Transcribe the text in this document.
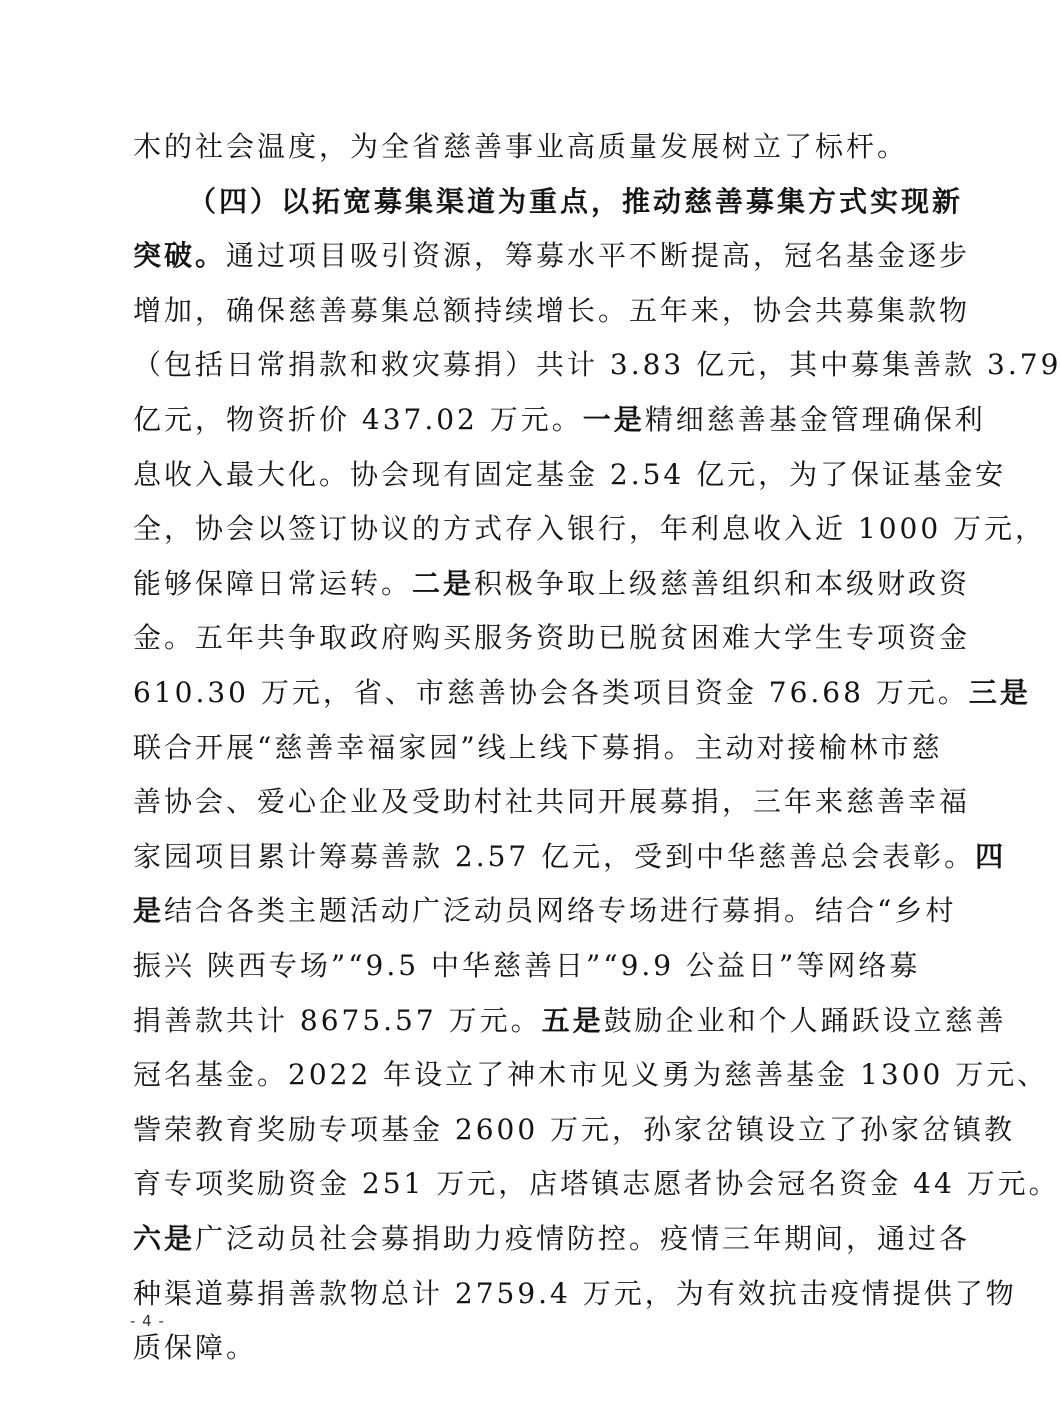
木的社会温度，为全省慈善事业高质量发展树立了标杆。
（四）以拓宽募集渠道为重点，推动慈善募集方式实现新
突破。通过项目吸引资源，筹募水平不断提高，冠名基金逐步
增加，确保慈善募集总额持续增长。五年来，协会共募集款物
（包括日常捐款和救灾募捐）共计 3.83 亿元，其中募集善款 3.79
亿元，物资折价 437.02 万元。一是精细慈善基金管理确保利
息收入最大化。协会现有固定基金 2.54 亿元，为了保证基金安
全，协会以签订协议的方式存入银行，年利息收入近 1000 万元，
能够保障日常运转。二是积极争取上级慈善组织和本级财政资
金。五年共争取政府购买服务资助已脱贫困难大学生专项资金
610.30 万元，省、市慈善协会各类项目资金 76.68 万元。三是
联合开展“慈善幸福家园”线上线下募捐。主动对接榆林市慈
善协会、爱心企业及受助村社共同开展募捐，三年来慈善幸福
家园项目累计筹募善款 2.57 亿元，受到中华慈善总会表彰。四
是结合各类主题活动广泛动员网络专场进行募捐。结合“乡村
振兴 陕西专场”“9.5 中华慈善日”“9.9 公益日”等网络募
捐善款共计 8675.57 万元。五是鼓励企业和个人踊跃设立慈善
冠名基金。2022 年设立了神木市见义勇为慈善基金 1300 万元、
訾荣教育奖励专项基金 2600 万元，孙家岔镇设立了孙家岔镇教
育专项奖励资金 251 万元，店塔镇志愿者协会冠名资金 44 万元。
六是广泛动员社会募捐助力疫情防控。疫情三年期间，通过各
种渠道募捐善款物总计 2759.4 万元，为有效抗击疫情提供了物
质保障。
- 4 -
